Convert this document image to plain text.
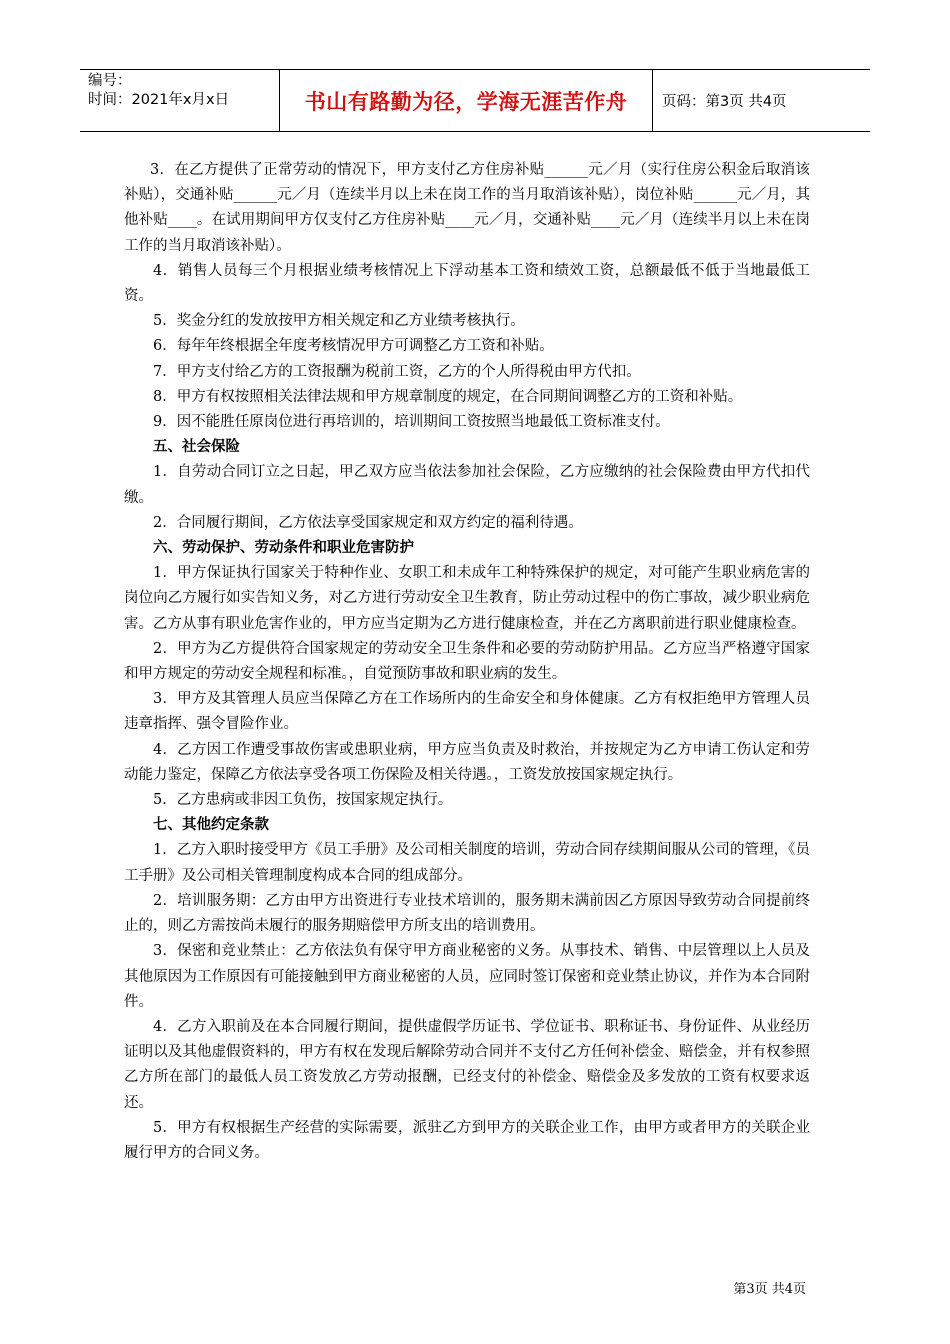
编号：
时间：2021年x月x日	书山有路勤为径，学海无涯苦作舟	页码：第3页 共4页

3．在乙方提供了正常劳动的情况下，甲方支付乙方住房补贴______元／月（实行住房公积金后取消该补贴），交通补贴______元／月（连续半月以上未在岗工作的当月取消该补贴），岗位补贴______元／月，其他补贴____。在试用期间甲方仅支付乙方住房补贴____元／月，交通补贴____元／月（连续半月以上未在岗工作的当月取消该补贴）。

4．销售人员每三个月根据业绩考核情况上下浮动基本工资和绩效工资，总额最低不低于当地最低工资。

5．奖金分红的发放按甲方相关规定和乙方业绩考核执行。

6．每年年终根据全年度考核情况甲方可调整乙方工资和补贴。

7．甲方支付给乙方的工资报酬为税前工资，乙方的个人所得税由甲方代扣。

8．甲方有权按照相关法律法规和甲方规章制度的规定，在合同期间调整乙方的工资和补贴。

9．因不能胜任原岗位进行再培训的，培训期间工资按照当地最低工资标准支付。

五、社会保险

1．自劳动合同订立之日起，甲乙双方应当依法参加社会保险，乙方应缴纳的社会保险费由甲方代扣代缴。

2．合同履行期间，乙方依法享受国家规定和双方约定的福利待遇。

六、劳动保护、劳动条件和职业危害防护

1．甲方保证执行国家关于特种作业、女职工和未成年工种特殊保护的规定，对可能产生职业病危害的岗位向乙方履行如实告知义务，对乙方进行劳动安全卫生教育，防止劳动过程中的伤亡事故，减少职业病危害。乙方从事有职业危害作业的，甲方应当定期为乙方进行健康检查，并在乙方离职前进行职业健康检查。

2．甲方为乙方提供符合国家规定的劳动安全卫生条件和必要的劳动防护用品。乙方应当严格遵守国家和甲方规定的劳动安全规程和标准。，自觉预防事故和职业病的发生。

3．甲方及其管理人员应当保障乙方在工作场所内的生命安全和身体健康。乙方有权拒绝甲方管理人员违章指挥、强令冒险作业。

4．乙方因工作遭受事故伤害或患职业病，甲方应当负责及时救治，并按规定为乙方申请工伤认定和劳动能力鉴定，保障乙方依法享受各项工伤保险及相关待遇。，工资发放按国家规定执行。

5．乙方患病或非因工负伤，按国家规定执行。

七、其他约定条款

1．乙方入职时接受甲方《员工手册》及公司相关制度的培训，劳动合同存续期间服从公司的管理，《员工手册》及公司相关管理制度构成本合同的组成部分。

2．培训服务期：乙方由甲方出资进行专业技术培训的，服务期未满前因乙方原因导致劳动合同提前终止的，则乙方需按尚未履行的服务期赔偿甲方所支出的培训费用。

3．保密和竞业禁止：乙方依法负有保守甲方商业秘密的义务。从事技术、销售、中层管理以上人员及其他原因为工作原因有可能接触到甲方商业秘密的人员，应同时签订保密和竞业禁止协议，并作为本合同附件。

4．乙方入职前及在本合同履行期间，提供虚假学历证书、学位证书、职称证书、身份证件、从业经历证明以及其他虚假资料的，甲方有权在发现后解除劳动合同并不支付乙方任何补偿金、赔偿金，并有权参照乙方所在部门的最低人员工资发放乙方劳动报酬，已经支付的补偿金、赔偿金及多发放的工资有权要求返还。

5．甲方有权根据生产经营的实际需要，派驻乙方到甲方的关联企业工作，由甲方或者甲方的关联企业履行甲方的合同义务。

第3页 共4页
